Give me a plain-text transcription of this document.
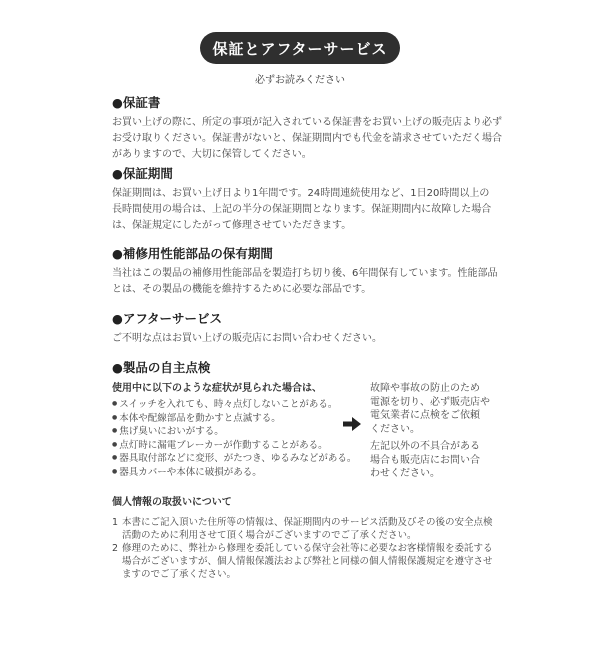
保証とアフターサービス
必ずお読みください
●保証書

お買い上げの際に、所定の事項が記入されている保証書をお買い上げの販売店より必ず
お受け取りください。保証書がないと、保証期間内でも代金を請求させていただく場合
がありますので、大切に保管してください。

●保証期間

保証期間は、お買い上げ日より1年間です。24時間連続使用など、1日20時間以上の
長時間使用の場合は、上記の半分の保証期間となります。保証期間内に故障した場合
は、保証規定にしたがって修理させていただきます。

●補修用性能部品の保有期間

当社はこの製品の補修用性能部品を製造打ち切り後、6年間保有しています。性能部品
とは、その製品の機能を維持するために必要な部品です。

●アフターサービス

ご不明な点はお買い上げの販売店にお問い合わせください。

●製品の自主点検

使用中に以下のような症状が見られた場合は、

● スイッチを入れても、時々点灯しないことがある。
● 本体や配線部品を動かすと点滅する。
● 焦げ臭いにおいがする。
● 点灯時に漏電ブレーカーが作動することがある。
● 器具取付部などに変形、がたつき、ゆるみなどがある。
● 器具カバーや本体に破損がある。
故障や事故の防止のため
電源を切り、必ず販売店や
電気業者に点検をご依頼
ください。
左記以外の不具合がある
場合も販売店にお問い合
わせください。
個人情報の取扱いについて
1 本書にご記入頂いた住所等の情報は、保証期間内のサービス活動及びその後の安全点検
活動のために利用させて頂く場合がございますのでご了承ください。

2 修理のために、弊社から修理を委託している保守会社等に必要なお客様情報を委託する
場合がございますが、個人情報保護法および弊社と同様の個人情報保護規定を遵守させ
ますのでご了承ください。
